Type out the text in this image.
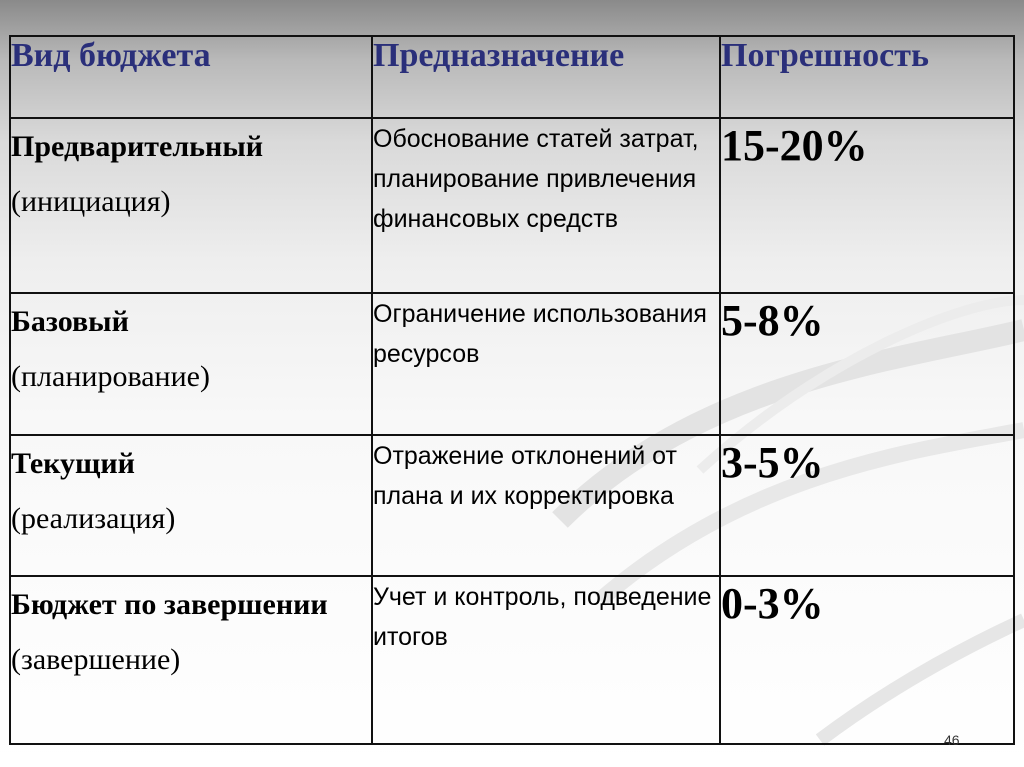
Вид бюджета	Предназначение	Погрешность

Предварительный
(инициация)	Обоснование статей затрат, планирование привлечения финансовых средств	15-20%

Базовый
(планирование)	Ограничение использования ресурсов	5-8%

Текущий
(реализация)	Отражение отклонений от плана и их корректировка	3-5%

Бюджет по завершении
(завершение)	Учет и контроль, подведение итогов	0-3%
46
